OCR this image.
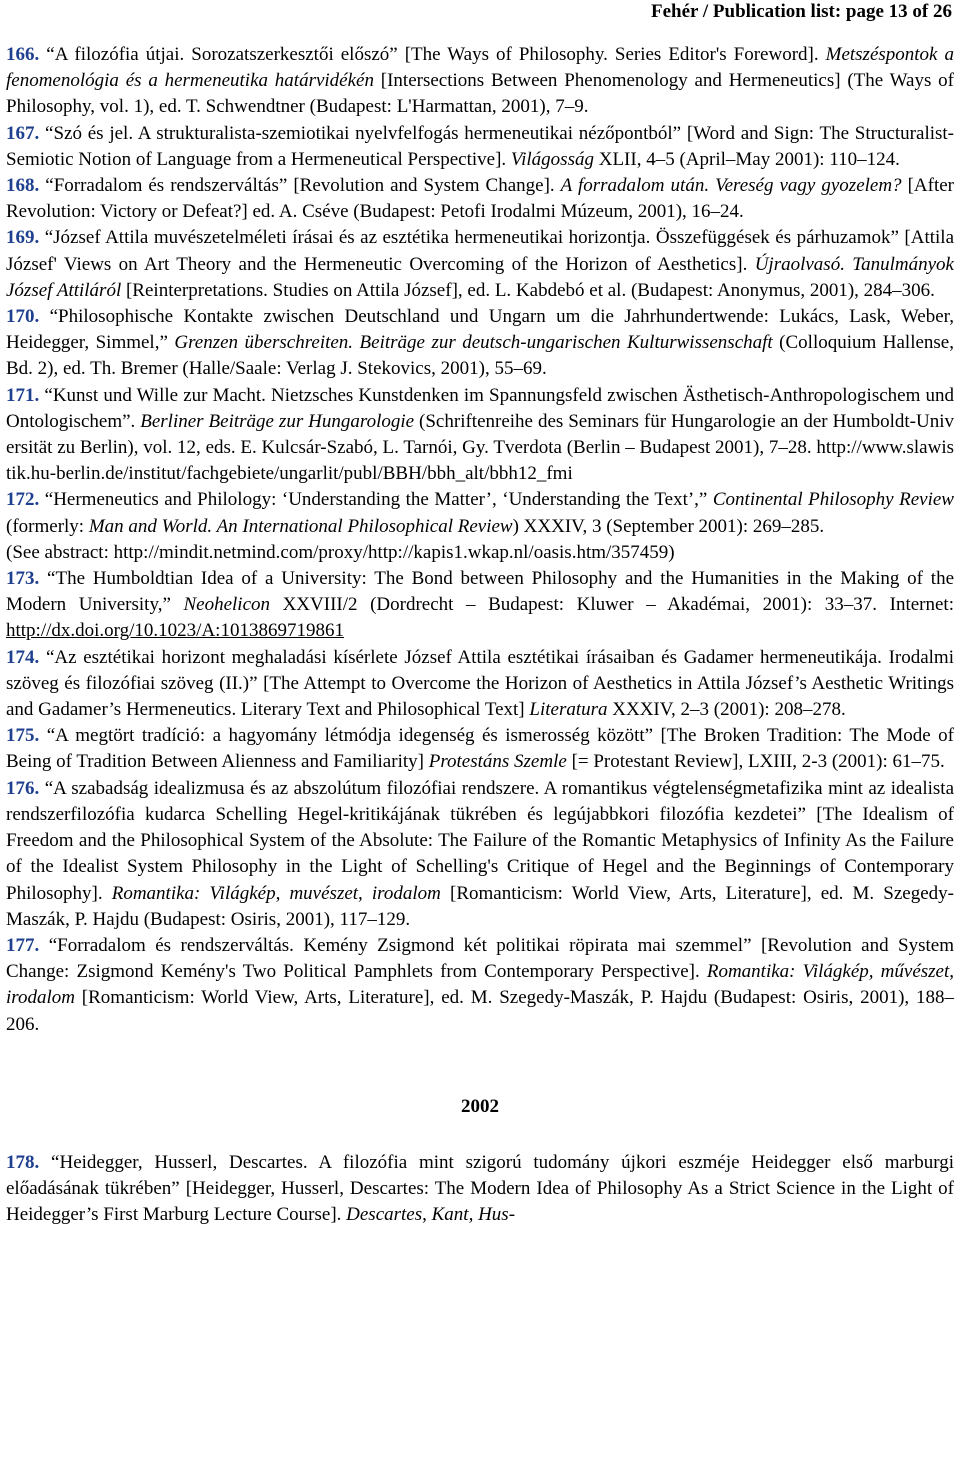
Fehér / Publication list: page 13 of 26

166. “A filozófia útjai. Sorozatszerkesztői előszó” [The Ways of Philosophy. Series Editor's Foreword]. Metszéspontok a fenomenológia és a hermeneutika határvidékén [Intersections Between Phenomenology and Hermeneutics] (The Ways of Philosophy, vol. 1), ed. T. Schwendtner (Budapest: L'Harmattan, 2001), 7–9.

167. “Szó és jel. A strukturalista-szemiotikai nyelvfelfogás hermeneutikai nézőpontból” [Word and Sign: The Structuralist-Semiotic Notion of Language from a Hermeneutical Perspective]. Világosság XLII, 4–5 (April–May 2001): 110–124.

168. “Forradalom és rendszerváltás” [Revolution and System Change]. A forradalom után. Vereség vagy gyozelem? [After Revolution: Victory or Defeat?] ed. A. Cséve (Budapest: Petofi Irodalmi Múzeum, 2001), 16–24.

169. “József Attila muvészetelméleti írásai és az esztétika hermeneutikai horizontja. Összefüggések és párhuzamok” [Attila József' Views on Art Theory and the Hermeneutic Overcoming of the Horizon of Aesthetics]. Újraolvasó. Tanulmányok József Attiláról [Reinterpretations. Studies on Attila József], ed. L. Kabdebó et al. (Budapest: Anonymus, 2001), 284–306.

170. “Philosophische Kontakte zwischen Deutschland und Ungarn um die Jahrhundertwende: Lukács, Lask, Weber, Heidegger, Simmel,” Grenzen überschreiten. Beiträge zur deutsch-ungarischen Kulturwissenschaft (Colloquium Hallense, Bd. 2), ed. Th. Bremer (Halle/Saale: Verlag J. Stekovics, 2001), 55–69.

171. “Kunst und Wille zur Macht. Nietzsches Kunstdenken im Spannungsfeld zwischen Ästhetisch-Anthropologischem und Ontologischem”. Berliner Beiträge zur Hungarologie (Schriftenreihe des Seminars für Hungarologie an der Humboldt-Universität zu Berlin), vol. 12, eds. E. Kulcsár-Szabó, L. Tarnói, Gy. Tverdota (Berlin – Budapest 2001), 7–28. http://www.slawistik.hu-berlin.de/institut/fachgebiete/ungarlit/publ/BBH/bbh_alt/bbh12_fmi

172. “Hermeneutics and Philology: ‘Understanding the Matter’, ‘Understanding the Text’,” Continental Philosophy Review (formerly: Man and World. An International Philosophical Review) XXXIV, 3 (September 2001): 269–285.

(See abstract: http://mindit.netmind.com/proxy/http://kapis1.wkap.nl/oasis.htm/357459)

173. “The Humboldtian Idea of a University: The Bond between Philosophy and the Humanities in the Making of the Modern University,” Neohelicon XXVIII/2 (Dordrecht – Budapest: Kluwer – Akadémai, 2001): 33–37. Internet: http://dx.doi.org/10.1023/A:1013869719861

174. “Az esztétikai horizont meghaladási kísérlete József Attila esztétikai írásaiban és Gadamer hermeneutikája. Irodalmi szöveg és filozófiai szöveg (II.)” [The Attempt to Overcome the Horizon of Aesthetics in Attila József’s Aesthetic Writings and Gadamer’s Hermeneutics. Literary Text and Philosophical Text] Literatura XXXIV, 2–3 (2001): 208–278.

175. “A megtört tradíció: a hagyomány létmódja idegenség és ismerosség között” [The Broken Tradition: The Mode of Being of Tradition Between Alienness and Familiarity] Protestáns Szemle [= Protestant Review], LXIII, 2-3 (2001): 61–75.

176. “A szabadság idealizmusa és az abszolútum filozófiai rendszere. A romantikus végtelenségmetafizika mint az idealista rendszerfilozófia kudarca Schelling Hegel-kritikájának tükrében és legújabbkori filozófia kezdetei” [The Idealism of Freedom and the Philosophical System of the Absolute: The Failure of the Romantic Metaphysics of Infinity As the Failure of the Idealist System Philosophy in the Light of Schelling's Critique of Hegel and the Beginnings of Contemporary Philosophy]. Romantika: Világkép, muvészet, irodalom [Romanticism: World View, Arts, Literature], ed. M. Szegedy-Maszák, P. Hajdu (Budapest: Osiris, 2001), 117–129.

177. “Forradalom és rendszerváltás. Kemény Zsigmond két politikai röpirata mai szemmel” [Revolution and System Change: Zsigmond Kemény's Two Political Pamphlets from Contemporary Perspective]. Romantika: Világkép, művészet, irodalom [Romanticism: World View, Arts, Literature], ed. M. Szegedy-Maszák, P. Hajdu (Budapest: Osiris, 2001), 188–206.

2002

178. “Heidegger, Husserl, Descartes. A filozófia mint szigorú tudomány újkori eszméje Heidegger első marburgi előadásának tükrében” [Heidegger, Husserl, Descartes: The Modern Idea of Philosophy As a Strict Science in the Light of Heidegger’s First Marburg Lecture Course]. Descartes, Kant, Hus-
